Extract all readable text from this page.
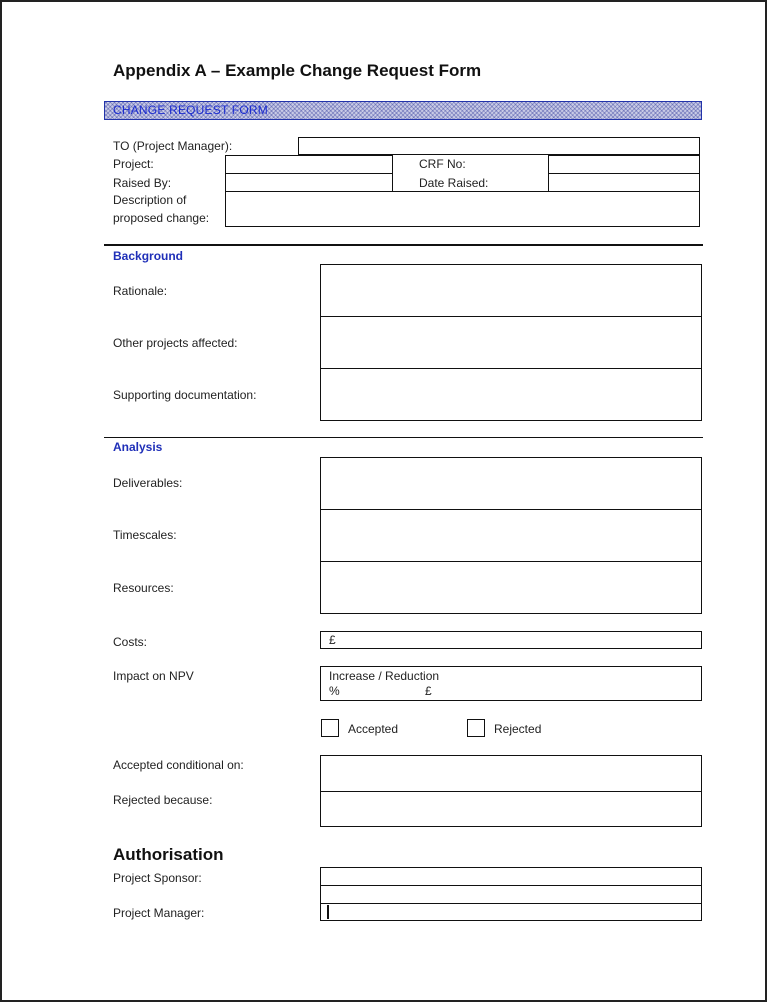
Appendix A – Example Change Request Form
CHANGE REQUEST FORM
TO (Project Manager):
Project:	CRF No:
Raised By:	Date Raised:
Description of
proposed change:
Background
Rationale:
Other projects affected:
Supporting documentation:
Analysis
Deliverables:
Timescales:
Resources:
Costs:	£
Impact on NPV	Increase / Reduction
%	£
Accepted	Rejected
Accepted conditional on:
Rejected because:
Authorisation
Project Sponsor:
Project Manager:
